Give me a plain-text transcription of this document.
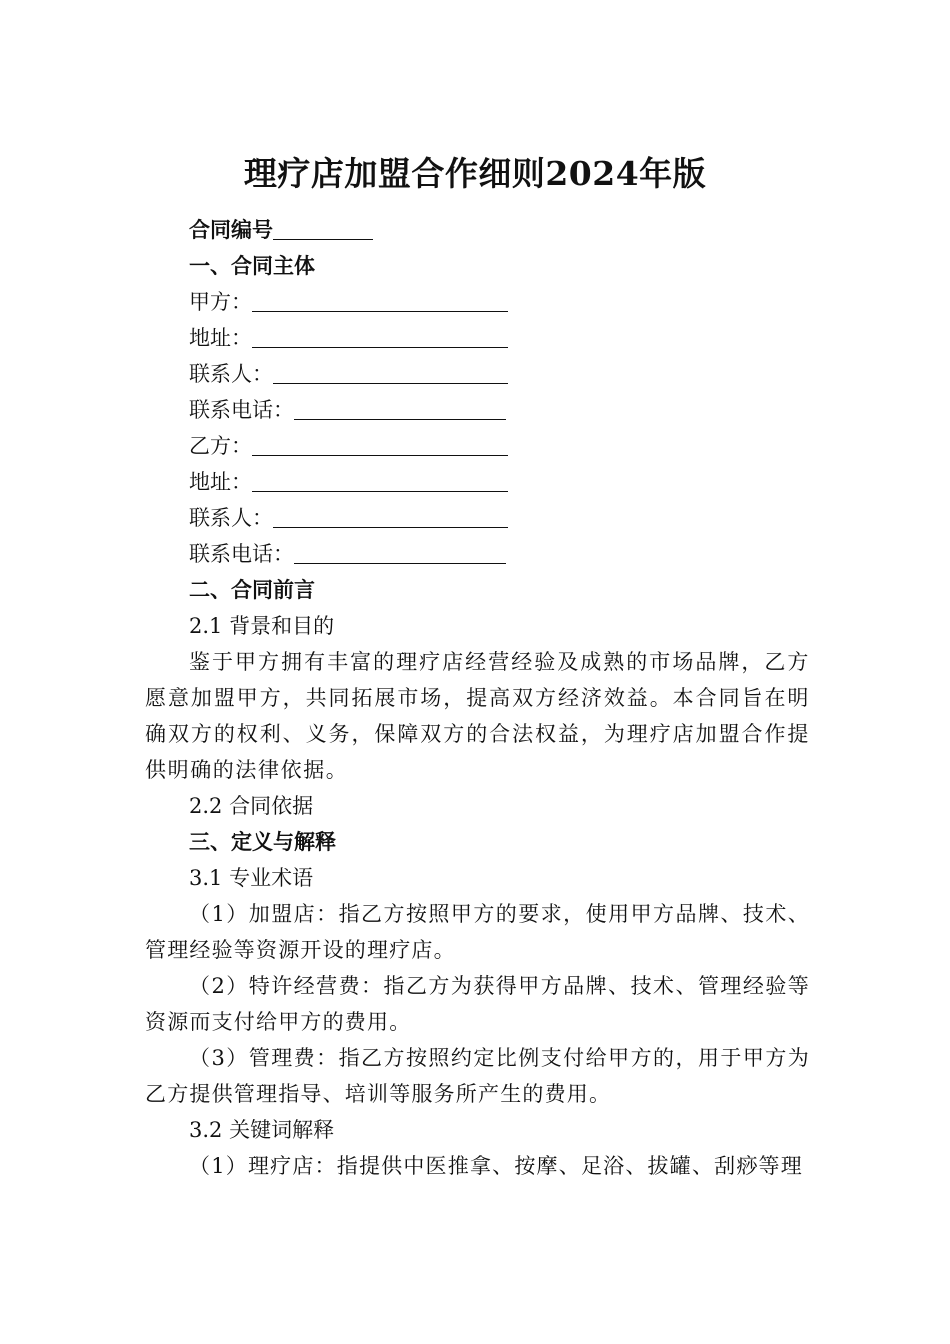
理疗店加盟合作细则2024年版

合同编号

一、合同主体

甲方：

地址：

联系人：

联系电话：

乙方：

地址：

联系人：

联系电话：

二、合同前言

2.1 背景和目的

鉴于甲方拥有丰富的理疗店经营经验及成熟的市场品牌，乙方愿意加盟甲方，共同拓展市场，提高双方经济效益。本合同旨在明确双方的权利、义务，保障双方的合法权益，为理疗店加盟合作提供明确的法律依据。

2.2 合同依据

三、定义与解释

3.1 专业术语

（1）加盟店：指乙方按照甲方的要求，使用甲方品牌、技术、管理经验等资源开设的理疗店。

（2）特许经营费：指乙方为获得甲方品牌、技术、管理经验等资源而支付给甲方的费用。

（3）管理费：指乙方按照约定比例支付给甲方的，用于甲方为乙方提供管理指导、培训等服务所产生的费用。

3.2 关键词解释

（1）理疗店：指提供中医推拿、按摩、足浴、拔罐、刮痧等理
